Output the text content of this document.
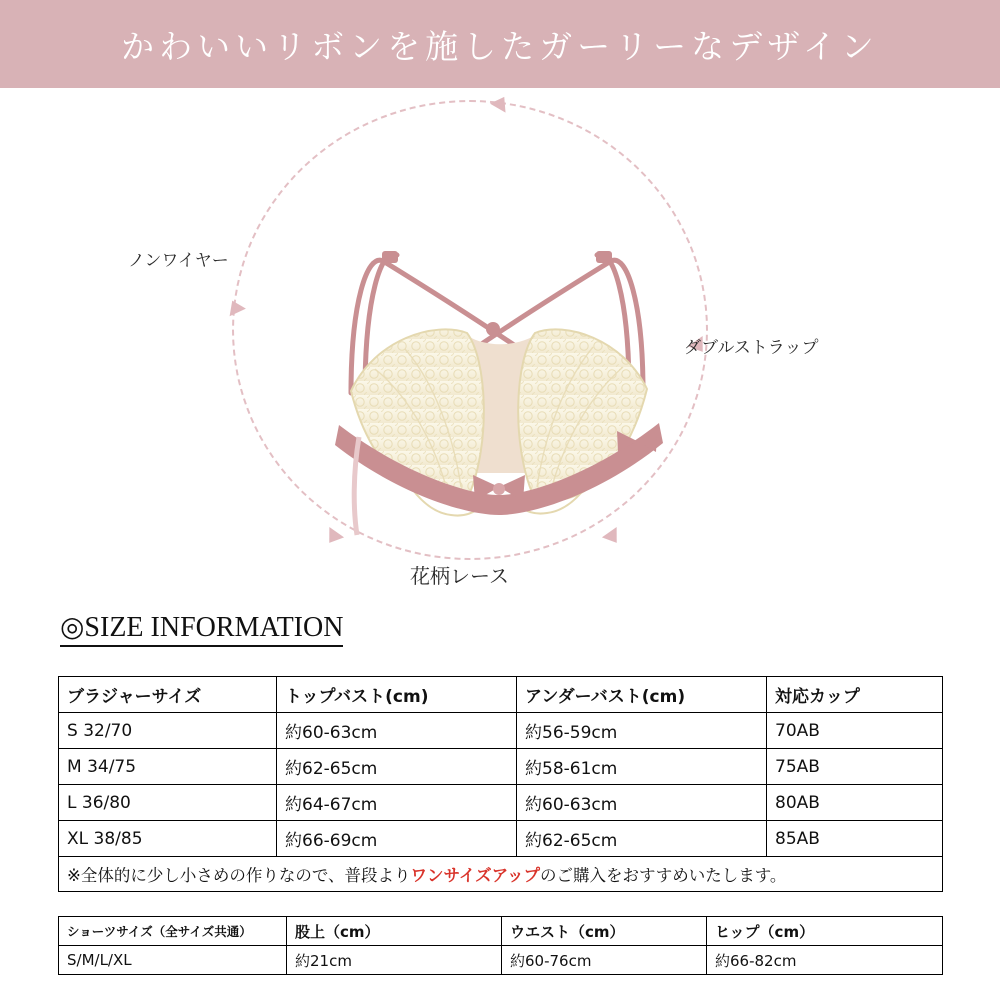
かわいいリボンを施したガーリーなデザイン
ノンワイヤー
ダブルストラップ
花柄レース
◎SIZE INFORMATION
ブラジャーサイズ	トップバスト(cm)	アンダーバスト(cm)	対応カップ
S 32/70	約60-63cm	約56-59cm	70AB
M 34/75	約62-65cm	約58-61cm	75AB
L 36/80	約64-67cm	約60-63cm	80AB
XL 38/85	約66-69cm	約62-65cm	85AB
※全体的に少し小さめの作りなので、普段よりワンサイズアップのご購入をおすすめいたします。			
ショーツサイズ（全サイズ共通）	股上（cm）	ウエスト（cm）	ヒップ（cm）
S/M/L/XL	約21cm	約60-76cm	約66-82cm
